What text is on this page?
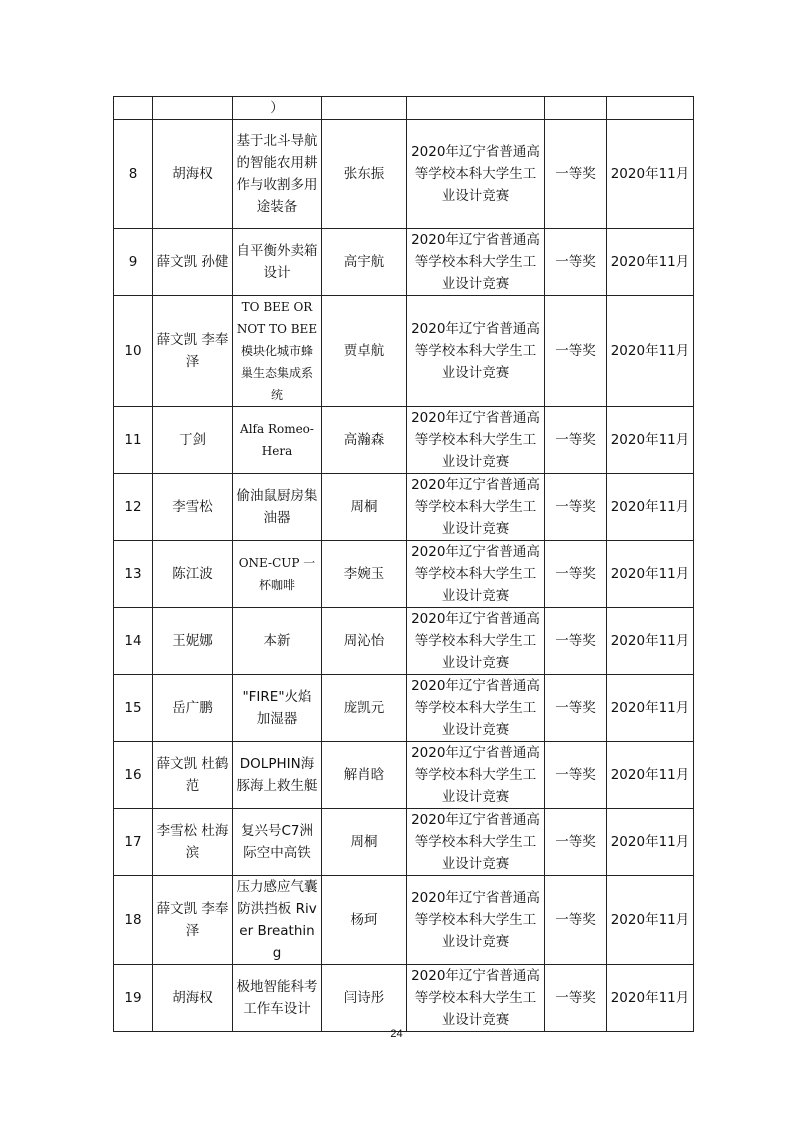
		）				
8	胡海权	基于北斗导航的智能农用耕作与收割多用途装备	张东振	2020年辽宁省普通高等学校本科大学生工业设计竞赛	一等奖	2020年11月
9	薛文凯 孙健	自平衡外卖箱设计	高宇航	2020年辽宁省普通高等学校本科大学生工业设计竞赛	一等奖	2020年11月
10	薛文凯 李奉泽	TO BEE OR NOT TO BEE模块化城市蜂巢生态集成系统	贾卓航	2020年辽宁省普通高等学校本科大学生工业设计竞赛	一等奖	2020年11月
11	丁剑	Alfa Romeo-Hera	高瀚森	2020年辽宁省普通高等学校本科大学生工业设计竞赛	一等奖	2020年11月
12	李雪松	偷油鼠厨房集油器	周桐	2020年辽宁省普通高等学校本科大学生工业设计竞赛	一等奖	2020年11月
13	陈江波	ONE-CUP 一杯咖啡	李婉玉	2020年辽宁省普通高等学校本科大学生工业设计竞赛	一等奖	2020年11月
14	王妮娜	本新	周沁怡	2020年辽宁省普通高等学校本科大学生工业设计竞赛	一等奖	2020年11月
15	岳广鹏	"FIRE"火焰加湿器	庞凯元	2020年辽宁省普通高等学校本科大学生工业设计竞赛	一等奖	2020年11月
16	薛文凯 杜鹤范	DOLPHIN海豚海上救生艇	解肖晗	2020年辽宁省普通高等学校本科大学生工业设计竞赛	一等奖	2020年11月
17	李雪松 杜海滨	复兴号C7洲际空中高铁	周桐	2020年辽宁省普通高等学校本科大学生工业设计竞赛	一等奖	2020年11月
18	薛文凯 李奉泽	压力感应气囊防洪挡板 River Breathing	杨珂	2020年辽宁省普通高等学校本科大学生工业设计竞赛	一等奖	2020年11月
19	胡海权	极地智能科考工作车设计	闫诗彤	2020年辽宁省普通高等学校本科大学生工业设计竞赛	一等奖	2020年11月
24
